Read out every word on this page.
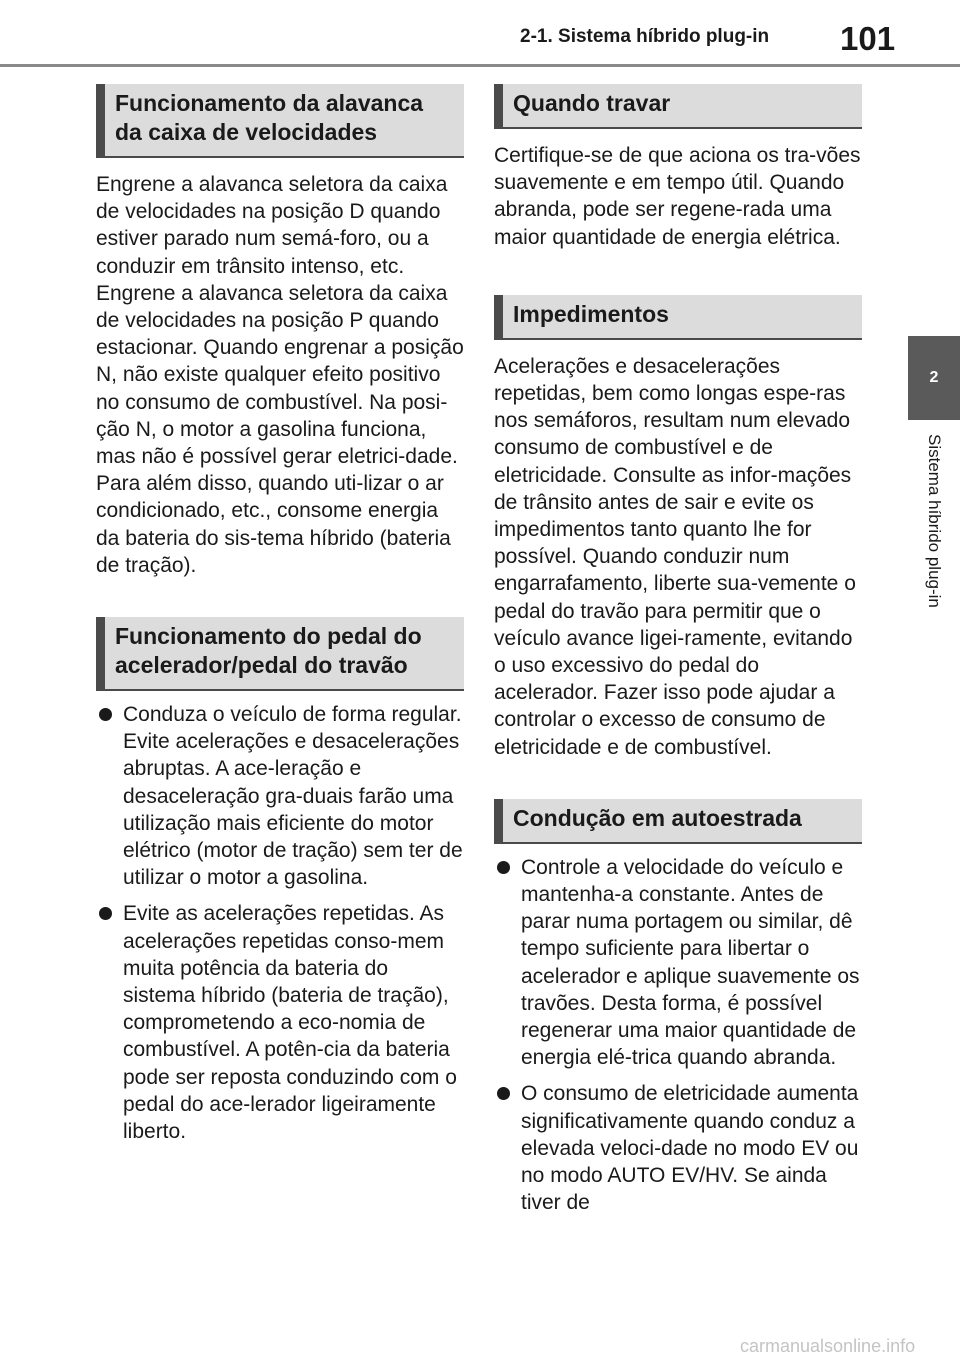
2-1. Sistema híbrido plug-in 101
2
Sistema híbrido plug-in
Funcionamento da alavanca da caixa de velocidades

Engrene a alavanca seletora da caixa de velocidades na posição D quando estiver parado num semá-foro, ou a conduzir em trânsito intenso, etc. Engrene a alavanca seletora da caixa de velocidades na posição P quando estacionar. Quando engrenar a posição N, não existe qualquer efeito positivo no consumo de combustível. Na posi-ção N, o motor a gasolina funciona, mas não é possível gerar eletrici-dade. Para além disso, quando uti-lizar o ar condicionado, etc., consome energia da bateria do sis-tema híbrido (bateria de tração).

Funcionamento do pedal do acelerador/pedal do travão
Conduza o veículo de forma regular. Evite acelerações e desacelerações abruptas. A ace-leração e desaceleração gra-duais farão uma utilização mais eficiente do motor elétrico (motor de tração) sem ter de utilizar o motor a gasolina.
Evite as acelerações repetidas. As acelerações repetidas conso-mem muita potência da bateria do sistema híbrido (bateria de tração), comprometendo a eco-nomia de combustível. A potên-cia da bateria pode ser reposta conduzindo com o pedal do ace-lerador ligeiramente liberto.
Quando travar

Certifique-se de que aciona os tra-vões suavemente e em tempo útil. Quando abranda, pode ser regene-rada uma maior quantidade de energia elétrica.

Impedimentos

Acelerações e desacelerações repetidas, bem como longas espe-ras nos semáforos, resultam num elevado consumo de combustível e de eletricidade. Consulte as infor-mações de trânsito antes de sair e evite os impedimentos tanto quanto lhe for possível. Quando conduzir num engarrafamento, liberte sua-vemente o pedal do travão para permitir que o veículo avance ligei-ramente, evitando o uso excessivo do pedal do acelerador. Fazer isso pode ajudar a controlar o excesso de consumo de eletricidade e de combustível.

Condução em autoestrada
Controle a velocidade do veículo e mantenha-a constante. Antes de parar numa portagem ou similar, dê tempo suficiente para libertar o acelerador e aplique suavemente os travões. Desta forma, é possível regenerar uma maior quantidade de energia elé-trica quando abranda.
O consumo de eletricidade aumenta significativamente quando conduz a elevada veloci-dade no modo EV ou no modo AUTO EV/HV. Se ainda tiver de
carmanualsonline.info
